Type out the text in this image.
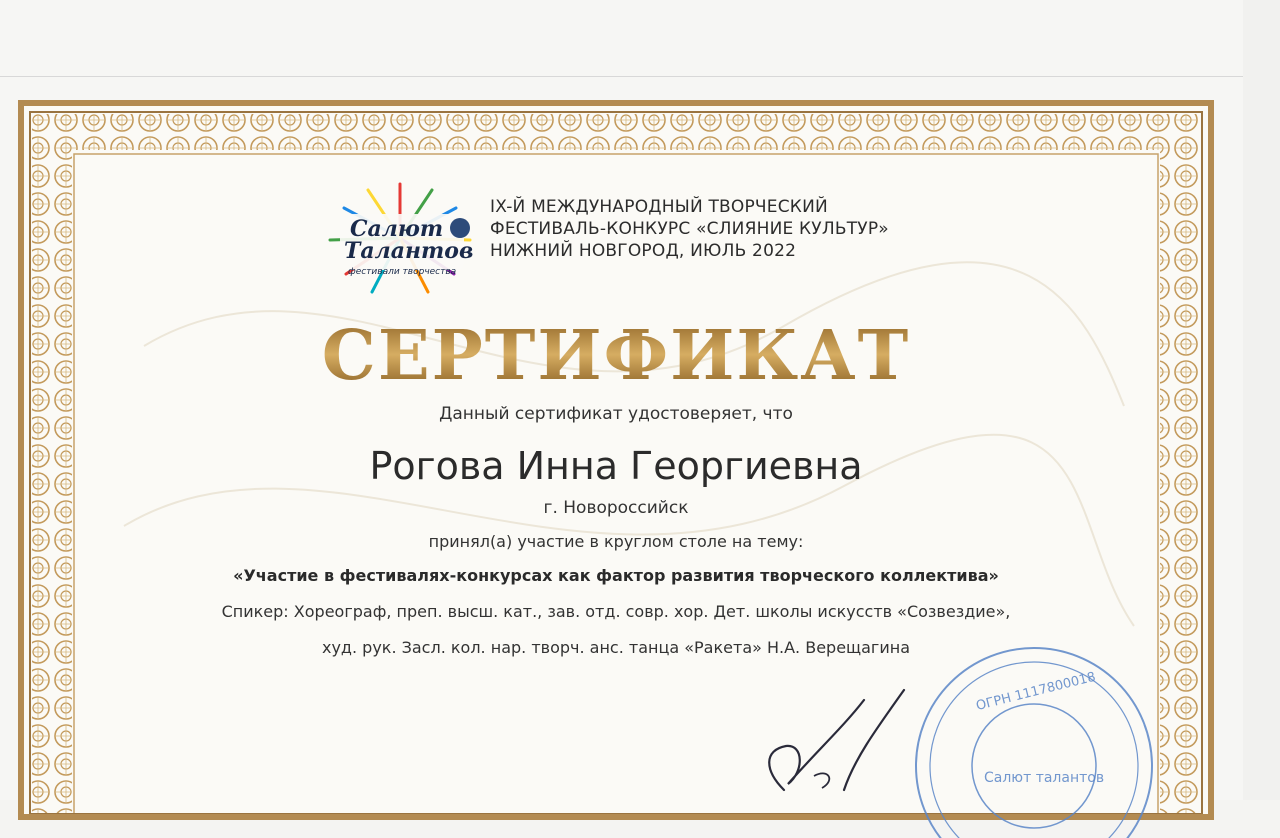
Салют
Талантов
фестивали творчества
IX-Й МЕЖДУНАРОДНЫЙ ТВОРЧЕСКИЙ
ФЕСТИВАЛЬ-КОНКУРС «СЛИЯНИЕ КУЛЬТУР»
НИЖНИЙ НОВГОРОД, ИЮЛЬ 2022
СЕРТИФИКАТ
Данный сертификат удостоверяет, что
Рогова Инна Георгиевна
г. Новороссийск
принял(а) участие в круглом столе на тему:
«Участие в фестивалях-конкурсах как фактор развития творческого коллектива»
Спикер: Хореограф, преп. высш. кат., зав. отд. совр. хор. Дет. школы искусств «Созвездие»,
худ. рук. Засл. кол. нар. творч. анс. танца «Ракета» Н.А. Верещагина
ОГРН 1117800018
Салют талантов
